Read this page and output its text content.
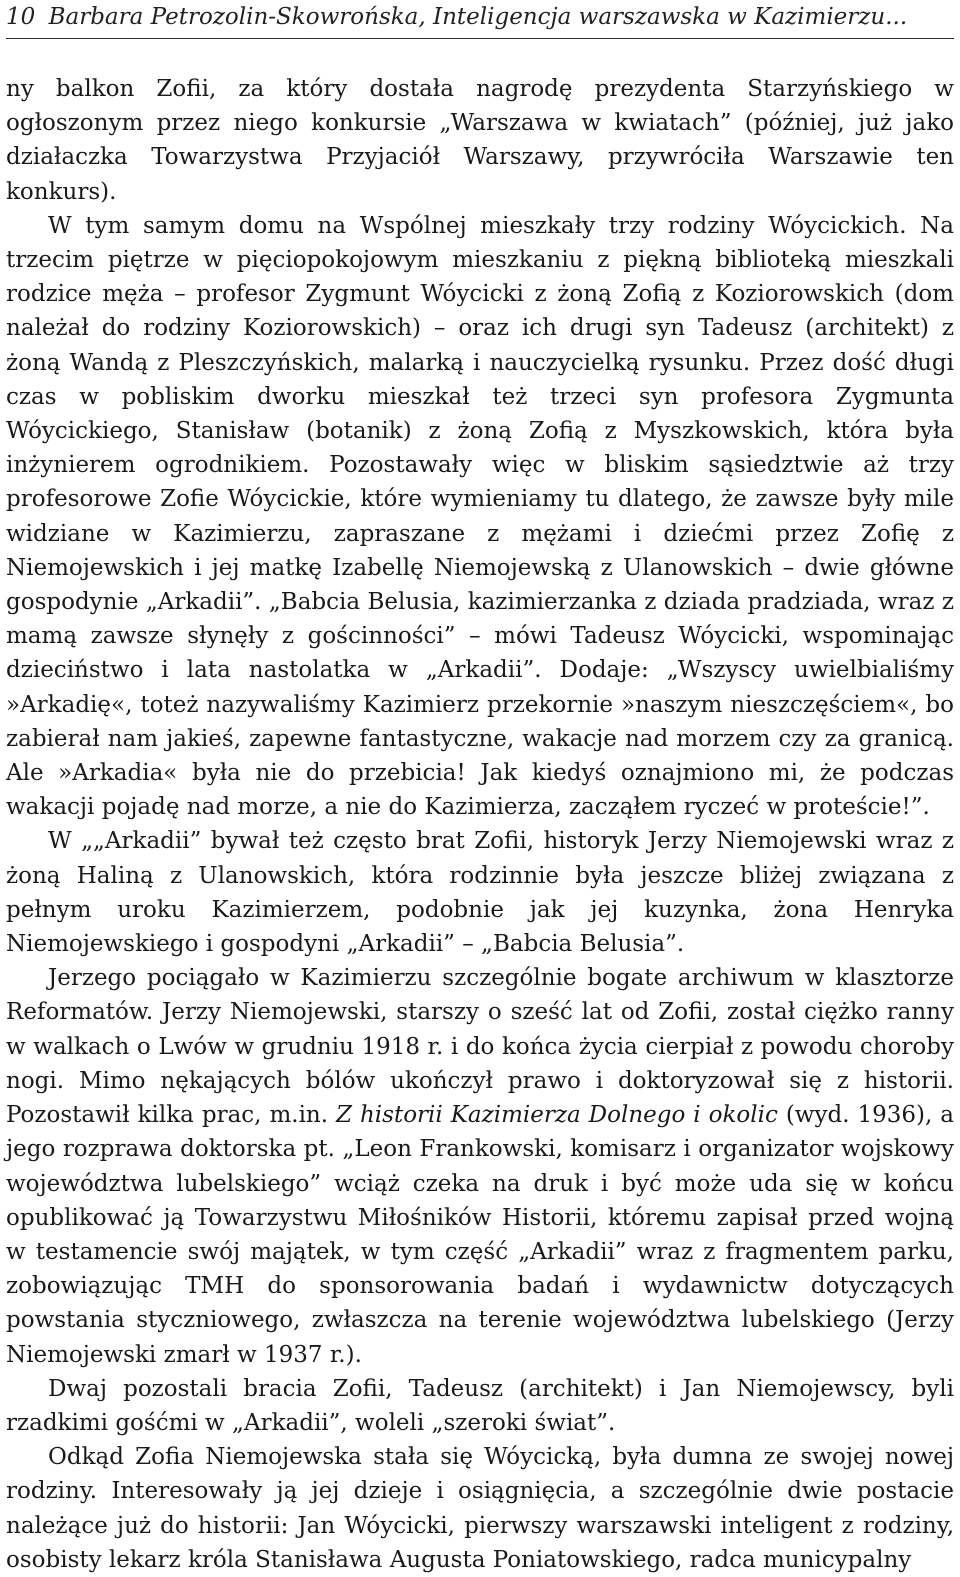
10 Barbara Petrozolin-Skowrońska, Inteligencja warszawska w Kazimierzu...

ny balkon Zofii, za który dostała nagrodę prezydenta Starzyńskiego w ogłoszonym przez niego konkursie „Warszawa w kwiatach” (później, już jako działaczka Towarzystwa Przyjaciół Warszawy, przywróciła Warszawie ten konkurs).

W tym samym domu na Wspólnej mieszkały trzy rodziny Wóycickich. Na trzecim piętrze w pięciopokojowym mieszkaniu z piękną biblioteką mieszkali rodzice męża – profesor Zygmunt Wóycicki z żoną Zofią z Koziorowskich (dom należał do rodziny Koziorowskich) – oraz ich drugi syn Tadeusz (architekt) z żoną Wandą z Pleszczyńskich, malarką i nauczycielką rysunku. Przez dość długi czas w pobliskim dworku mieszkał też trzeci syn profesora Zygmunta Wóycickiego, Stanisław (botanik) z żoną Zofią z Myszkowskich, która była inżynierem ogrodnikiem. Pozostawały więc w bliskim sąsiedztwie aż trzy profesorowe Zofie Wóycickie, które wymieniamy tu dlatego, że zawsze były mile widziane w Kazimierzu, zapraszane z mężami i dziećmi przez Zofię z Niemojewskich i jej matkę Izabellę Niemojewską z Ulanowskich – dwie główne gospodynie „Arkadii”. „Babcia Belusia, kazimierzanka z dziada pradziada, wraz z mamą zawsze słynęły z gościnności” – mówi Tadeusz Wóycicki, wspominając dzieciństwo i lata nastolatka w „Arkadii”. Dodaje: „Wszyscy uwielbialiśmy »Arkadię«, toteż nazywaliśmy Kazimierz przekornie »naszym nieszczęściem«, bo zabierał nam jakieś, zapewne fantastyczne, wakacje nad morzem czy za granicą. Ale »Arkadia« była nie do przebicia! Jak kiedyś oznajmiono mi, że podczas wakacji pojadę nad morze, a nie do Kazimierza, zacząłem ryczeć w proteście!”.

W „„Arkadii” bywał też często brat Zofii, historyk Jerzy Niemojewski wraz z żoną Haliną z Ulanowskich, która rodzinnie była jeszcze bliżej związana z pełnym uroku Kazimierzem, podobnie jak jej kuzynka, żona Henryka Niemojewskiego i gospodyni „Arkadii” – „Babcia Belusia”.

Jerzego pociągało w Kazimierzu szczególnie bogate archiwum w klasztorze Reformatów. Jerzy Niemojewski, starszy o sześć lat od Zofii, został ciężko ranny w walkach o Lwów w grudniu 1918 r. i do końca życia cierpiał z powodu choroby nogi. Mimo nękających bólów ukończył prawo i doktoryzował się z historii. Pozostawił kilka prac, m.in. Z historii Kazimierza Dolnego i okolic (wyd. 1936), a jego rozprawa doktorska pt. „Leon Frankowski, komisarz i organizator wojskowy województwa lubelskiego” wciąż czeka na druk i być może uda się w końcu opublikować ją Towarzystwu Miłośników Historii, któremu zapisał przed wojną w testamencie swój majątek, w tym część „Arkadii” wraz z fragmentem parku, zobowiązując TMH do sponsorowania badań i wydawnictw dotyczących powstania styczniowego, zwłaszcza na terenie województwa lubelskiego (Jerzy Niemojewski zmarł w 1937 r.).

Dwaj pozostali bracia Zofii, Tadeusz (architekt) i Jan Niemojewscy, byli rzadkimi gośćmi w „Arkadii”, woleli „szeroki świat”.

Odkąd Zofia Niemojewska stała się Wóycicką, była dumna ze swojej nowej rodziny. Interesowały ją jej dzieje i osiągnięcia, a szczególnie dwie postacie należące już do historii: Jan Wóycicki, pierwszy warszawski inteligent z rodziny, osobisty lekarz króla Stanisława Augusta Poniatowskiego, radca municypalny
